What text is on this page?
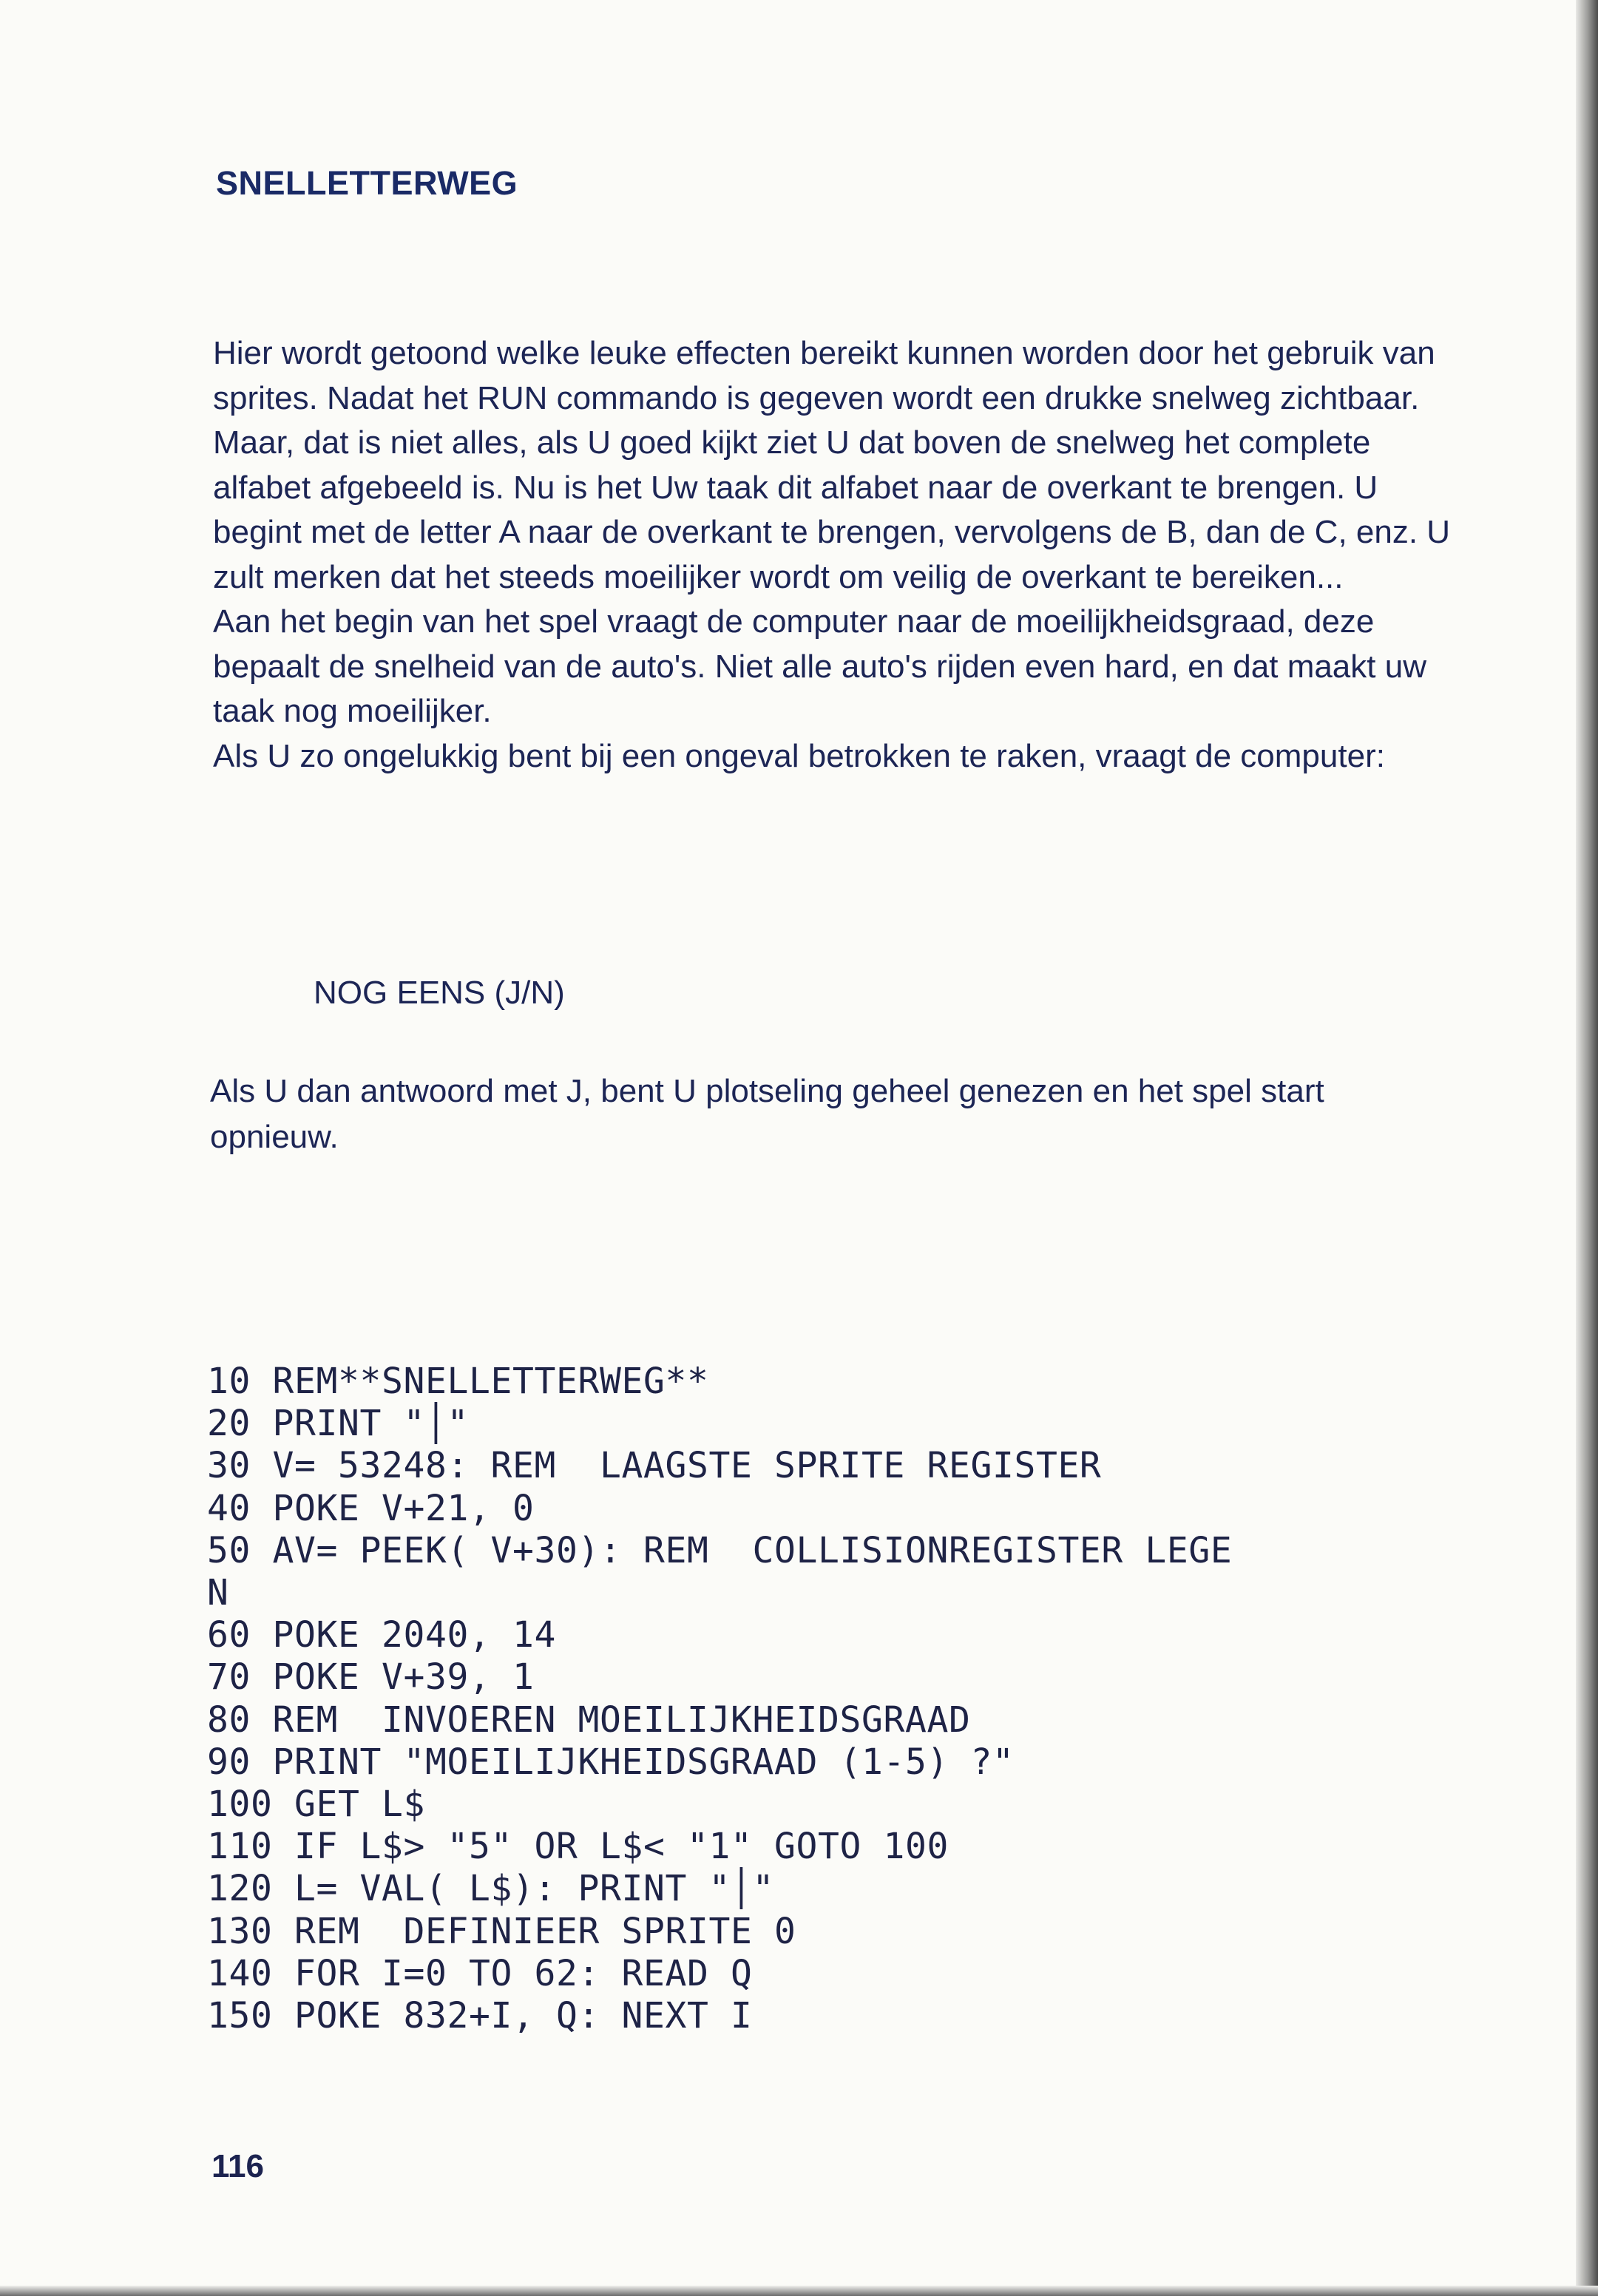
SNELLETTERWEG

Hier wordt getoond welke leuke effecten bereikt kunnen worden door het gebruik van sprites. Nadat het RUN commando is gegeven wordt een drukke snelweg zichtbaar.

Maar, dat is niet alles, als U goed kijkt ziet U dat boven de snelweg het complete alfabet afgebeeld is. Nu is het Uw taak dit alfabet naar de overkant te brengen. U begint met de letter A naar de overkant te brengen, vervolgens de B, dan de C, enz. U zult merken dat het steeds moeilijker wordt om veilig de overkant te bereiken...

Aan het begin van het spel vraagt de computer naar de moeilijkheidsgraad, deze bepaalt de snelheid van de auto's. Niet alle auto's rijden even hard, en dat maakt uw taak nog moeilijker.

Als U zo ongelukkig bent bij een ongeval betrokken te raken, vraagt de computer:

NOG EENS (J/N)
Als U dan antwoord met J, bent U plotseling geheel genezen en het spel start opnieuw.
10 REM**SNELLETTERWEG**
20 PRINT "│"
30 V= 53248: REM  LAAGSTE SPRITE REGISTER
40 POKE V+21, 0
50 AV= PEEK( V+30): REM  COLLISIONREGISTER LEGE
N
60 POKE 2040, 14
70 POKE V+39, 1
80 REM  INVOEREN MOEILIJKHEIDSGRAAD
90 PRINT "MOEILIJKHEIDSGRAAD (1-5) ?"
100 GET L$
110 IF L$> "5" OR L$< "1" GOTO 100
120 L= VAL( L$): PRINT "│"
130 REM  DEFINIEER SPRITE 0
140 FOR I=0 TO 62: READ Q
150 POKE 832+I, Q: NEXT I
116
